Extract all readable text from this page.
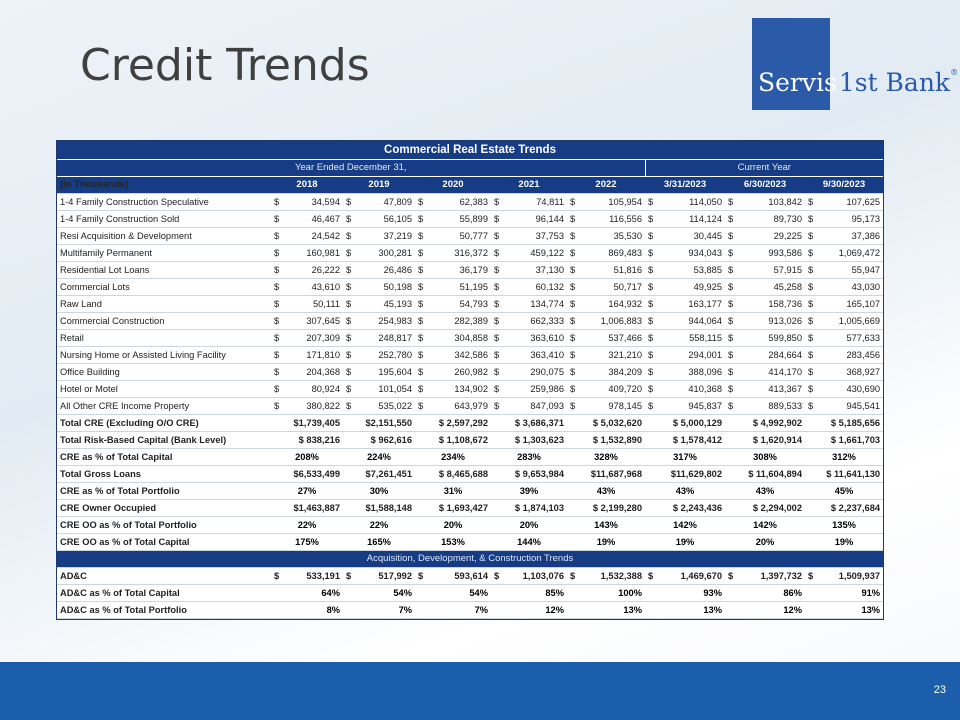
Credit Trends	Servis1st Bank®
Commercial Real Estate Trends								
Year Ended December 31,						Current Year		
(In Thousands)	2018	2019	2020	2021	2022	3/31/2023	6/30/2023	9/30/2023
1-4 Family Construction Speculative	$ 34,594	$ 47,809	$ 62,383	$ 74,811	$ 105,954	$ 114,050	$ 103,842	$ 107,625

1-4 Family Construction Sold	$ 46,467	$ 56,105	$ 55,899	$ 96,144	$ 116,556	$ 114,124	$ 89,730	$ 95,173

Resi Acquisition & Development	$ 24,542	$ 37,219	$ 50,777	$ 37,753	$ 35,530	$ 30,445	$ 29,225	$ 37,386

Multifamily Permanent	$ 160,981	$ 300,281	$ 316,372	$ 459,122	$ 869,483	$ 934,043	$ 993,586	$ 1,069,472

Residential Lot Loans	$ 26,222	$ 26,486	$ 36,179	$ 37,130	$ 51,816	$ 53,885	$ 57,915	$ 55,947

Commercial Lots	$ 43,610	$ 50,198	$ 51,195	$ 60,132	$ 50,717	$ 49,925	$ 45,258	$ 43,030

Raw Land	$ 50,111	$ 45,193	$ 54,793	$ 134,774	$ 164,932	$ 163,177	$ 158,736	$ 165,107

Commercial Construction	$ 307,645	$ 254,983	$ 282,389	$ 662,333	$ 1,006,883	$ 944,064	$ 913,026	$ 1,005,669

Retail	$ 207,309	$ 248,817	$ 304,858	$ 363,610	$ 537,466	$ 558,115	$ 599,850	$ 577,633

Nursing Home or Assisted Living Facility	$ 171,810	$ 252,780	$ 342,586	$ 363,410	$ 321,210	$ 294,001	$ 284,664	$ 283,456

Office Building	$ 204,368	$ 195,604	$ 260,982	$ 290,075	$ 384,209	$ 388,096	$ 414,170	$ 368,927

Hotel or Motel	$ 80,924	$ 101,054	$ 134,902	$ 259,986	$ 409,720	$ 410,368	$ 413,367	$ 430,690

All Other CRE Income Property	$ 380,822	$ 535,022	$ 643,979	$ 847,093	$ 978,145	$ 945,837	$ 889,533	$ 945,541

Total CRE (Excluding O/O CRE)	$1,739,405	$2,151,550	$ 2,597,292	$ 3,686,371	$ 5,032,620	$ 5,000,129	$ 4,992,902	$ 5,185,656
Total Risk-Based Capital (Bank Level)	$ 838,216	$ 962,616	$ 1,108,672	$ 1,303,623	$ 1,532,890	$ 1,578,412	$ 1,620,914	$ 1,661,703
CRE as % of Total Capital	208%	224%	234%	283%	328%	317%	308%	312%
Total Gross Loans	$6,533,499	$7,261,451	$ 8,465,688	$ 9,653,984	$11,687,968	$11,629,802	$ 11,604,894	$ 11,641,130
CRE as % of Total Portfolio	27%	30%	31%	39%	43%	43%	43%	45%
CRE Owner Occupied	$1,463,887	$1,588,148	$ 1,693,427	$ 1,874,103	$ 2,199,280	$ 2,243,436	$ 2,294,002	$ 2,237,684
CRE OO as % of Total Portfolio	22%	22%	20%	20%	143%	142%	142%	135%
CRE OO as % of Total Capital	175%	165%	153%	144%	19%	19%	20%	19%
Acquisition, Development, & Construction Trends								
AD&C	$ 533,191	$ 517,992	$ 593,614	$ 1,103,076	$ 1,532,388	$ 1,469,670	$ 1,397,732	$ 1,509,937

AD&C as % of Total Capital	64%	54%	54%	85%	100%	93%	86%	91%
AD&C as % of Total Portfolio	8%	7%	7%	12%	13%	13%	12%	13%
23
